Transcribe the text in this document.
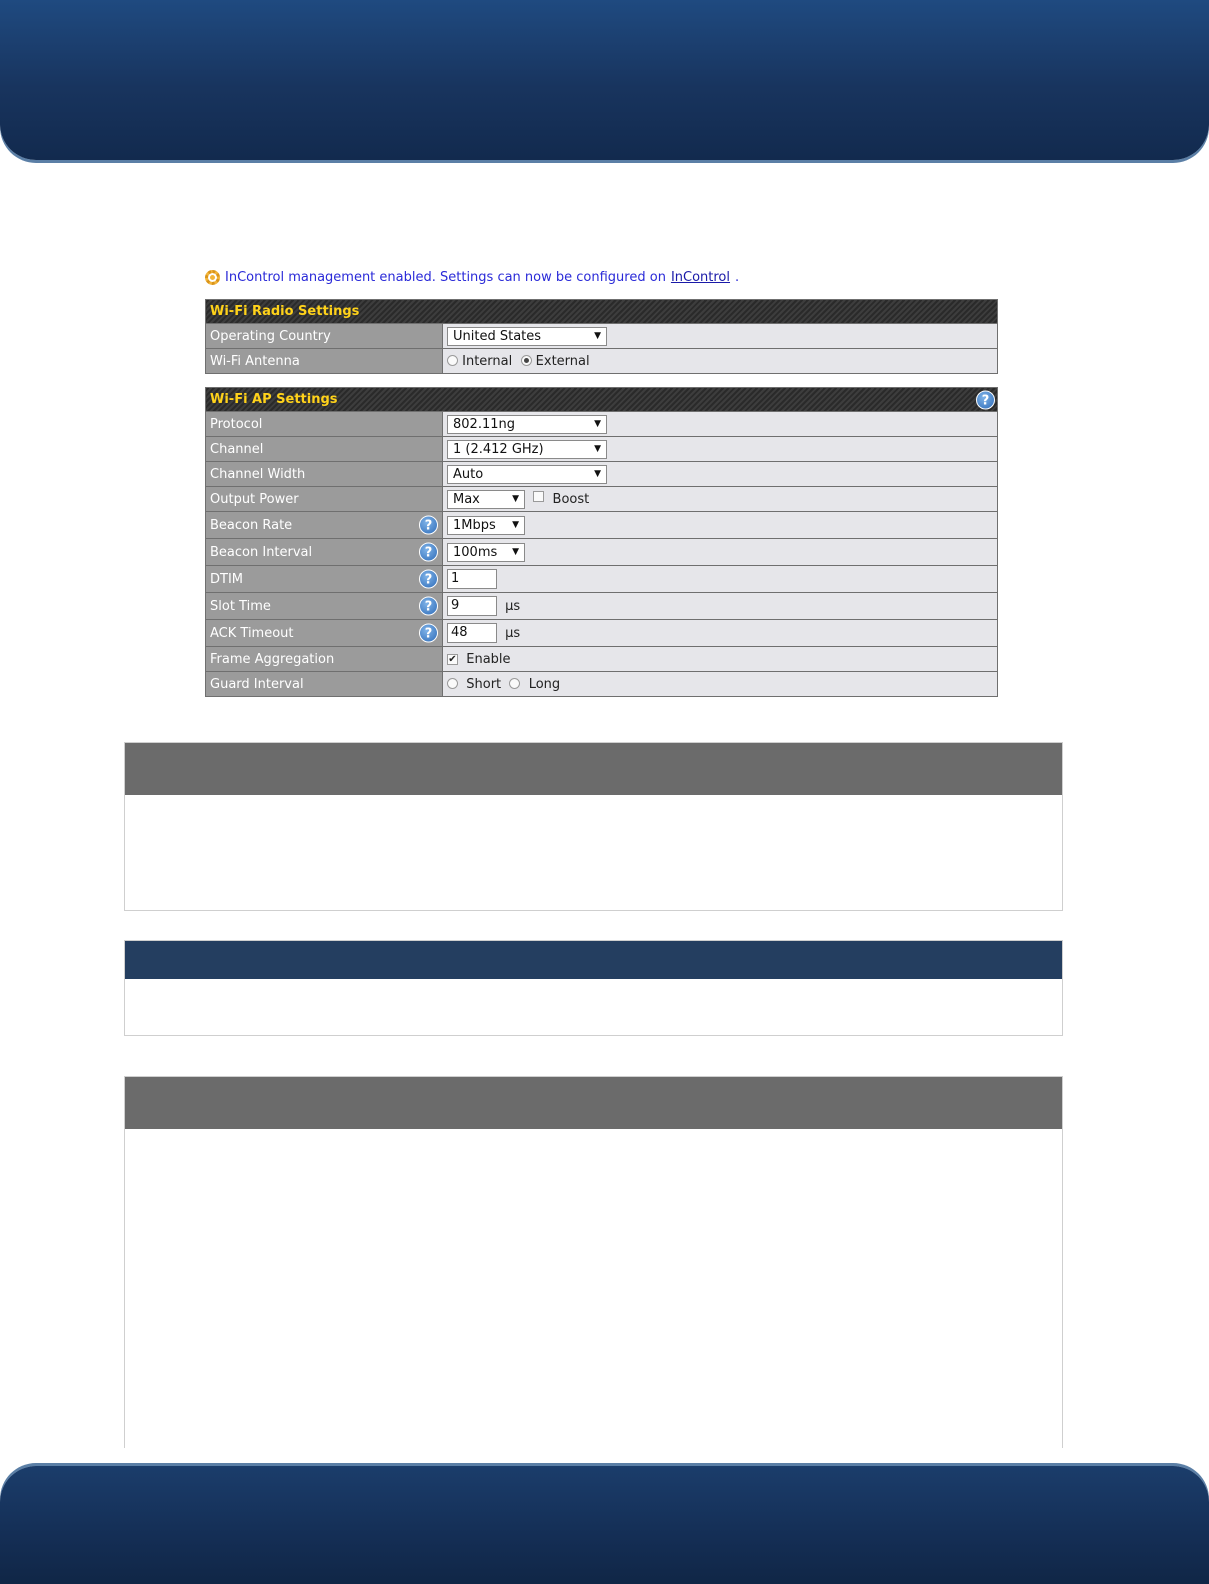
InControl management enabled. Settings can now be configured on InControl .
Wi-Fi Radio Settings	
Operating Country	United States ▼

Wi-Fi Antenna	Internal External
Wi-Fi AP Settings ?	

Protocol	802.11ng ▼

Channel	1 (2.412 GHz) ▼

Channel Width	Auto ▼

Output Power	Max ▼ Boost
Beacon Rate ?	1Mbps ▼

Beacon Interval ?	100ms ▼

DTIM ?	1
Slot Time ?	9 µs
ACK Timeout ?	48 µs
Frame Aggregation	✔ Enable
Guard Interval	Short Long
